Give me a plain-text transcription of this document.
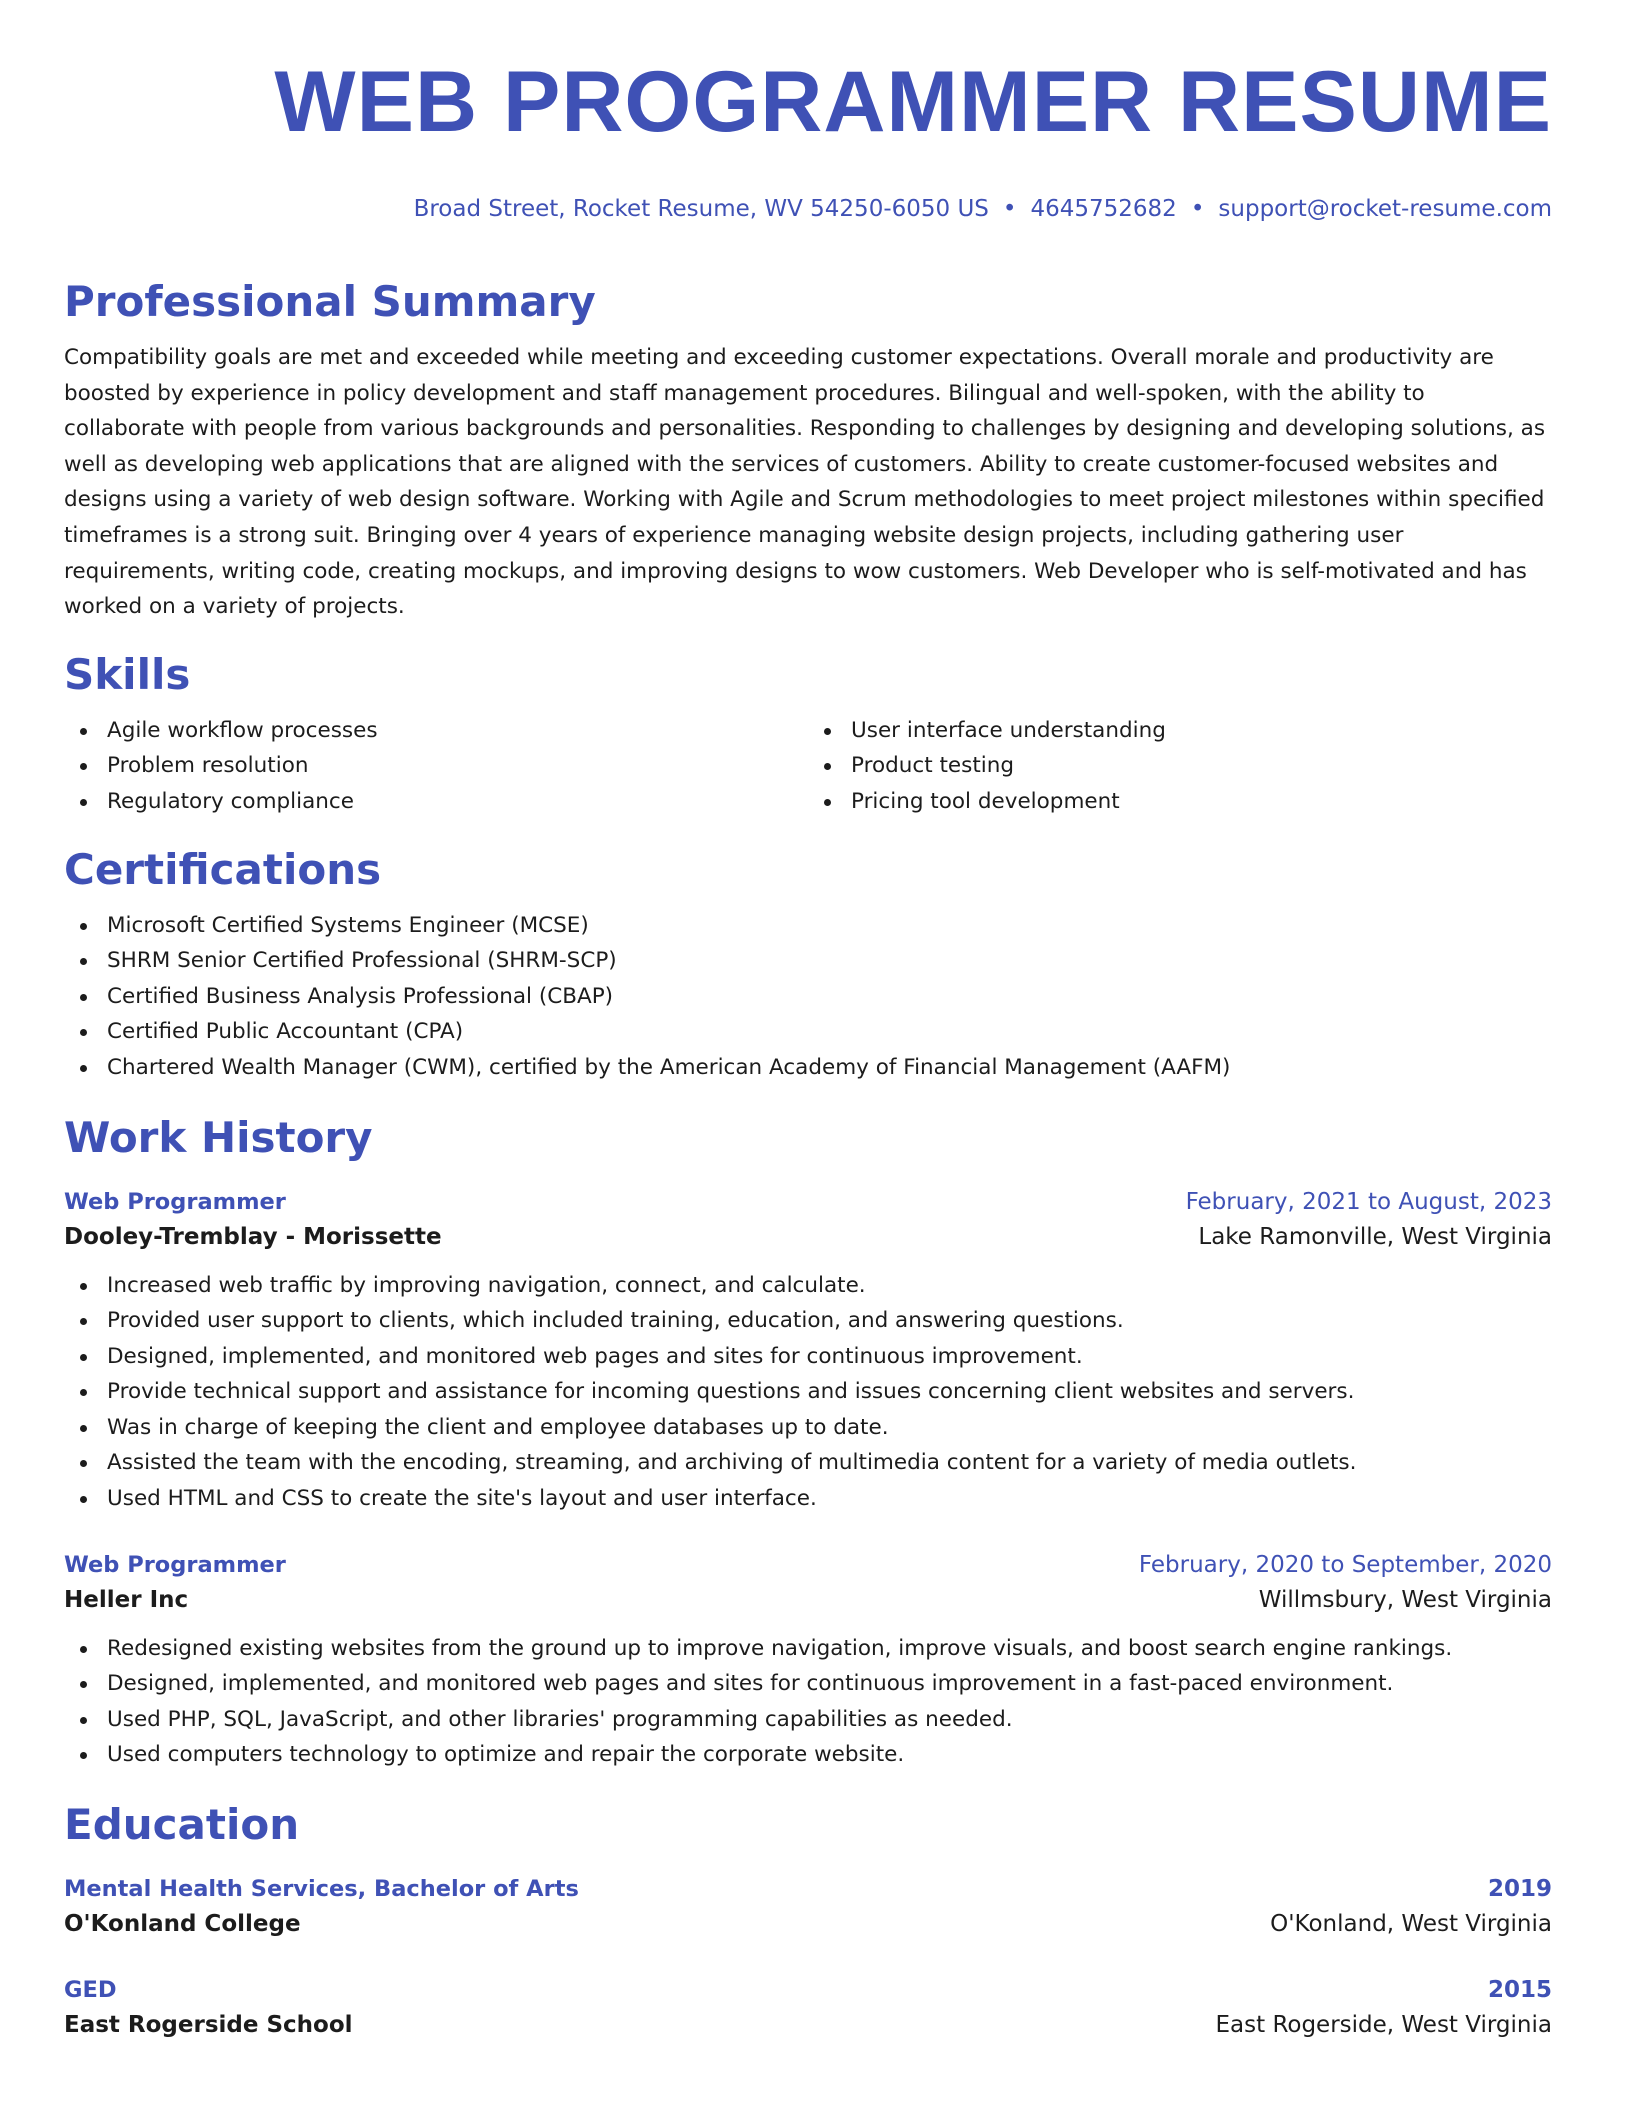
WEB PROGRAMMER RESUME
Broad Street, Rocket Resume, WV 54250-6050 US • 4645752682 • support@rocket-resume.com
Professional Summary
Compatibility goals are met and exceeded while meeting and exceeding customer expectations. Overall morale and productivity are boosted by experience in policy development and staff management procedures. Bilingual and well-spoken, with the ability to collaborate with people from various backgrounds and personalities. Responding to challenges by designing and developing solutions, as well as developing web applications that are aligned with the services of customers. Ability to create customer-focused websites and designs using a variety of web design software. Working with Agile and Scrum methodologies to meet project milestones within specified timeframes is a strong suit. Bringing over 4 years of experience managing website design projects, including gathering user requirements, writing code, creating mockups, and improving designs to wow customers. Web Developer who is self-motivated and has worked on a variety of projects.
Skills
Agile workflow processes
Problem resolution
Regulatory compliance
User interface understanding
Product testing
Pricing tool development
Certifications
Microsoft Certified Systems Engineer (MCSE)
SHRM Senior Certified Professional (SHRM-SCP)
Certified Business Analysis Professional (CBAP)
Certified Public Accountant (CPA)
Chartered Wealth Manager (CWM), certified by the American Academy of Financial Management (AAFM)
Work History
Web Programmer	February, 2021 to August, 2023
Dooley-Tremblay - Morissette	Lake Ramonville, West Virginia
Increased web traffic by improving navigation, connect, and calculate.
Provided user support to clients, which included training, education, and answering questions.
Designed, implemented, and monitored web pages and sites for continuous improvement.
Provide technical support and assistance for incoming questions and issues concerning client websites and servers.
Was in charge of keeping the client and employee databases up to date.
Assisted the team with the encoding, streaming, and archiving of multimedia content for a variety of media outlets.
Used HTML and CSS to create the site's layout and user interface.
Web Programmer	February, 2020 to September, 2020
Heller Inc	Willmsbury, West Virginia
Redesigned existing websites from the ground up to improve navigation, improve visuals, and boost search engine rankings.
Designed, implemented, and monitored web pages and sites for continuous improvement in a fast-paced environment.
Used PHP, SQL, JavaScript, and other libraries' programming capabilities as needed.
Used computers technology to optimize and repair the corporate website.
Education
Mental Health Services, Bachelor of Arts	2019
O'Konland College	O'Konland, West Virginia
GED	2015
East Rogerside School	East Rogerside, West Virginia
